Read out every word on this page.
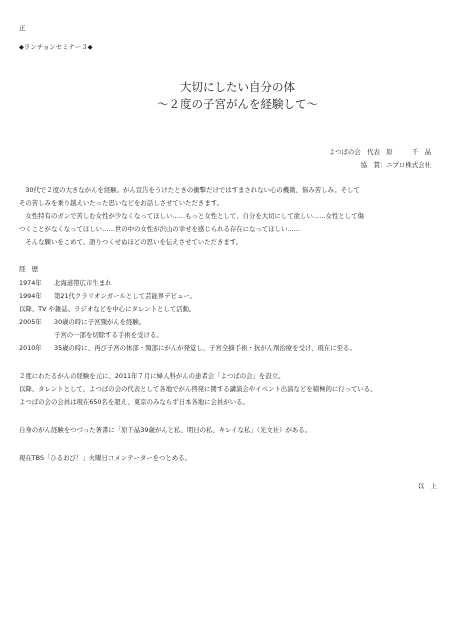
正
◆ランチョンセミナー３◆
大切にしたい自分の体
〜２度の子宮がんを経験して〜
よつばの会　代表　原　　　千　晶
協　賛：ニプロ株式会社
　30代で２度の大きながんを経験。がん宣告をうけたときの衝撃だけではすまされない心の機微、悩み苦しみ。そして
その苦しみを乗り越えいたった思いなどをお話しさせていただきます。
　女性特有のガンで苦しむ女性が少なくなってほしい……もっと女性として、自分を大切にして欲しい……女性として傷
つくことがなくなってほしい……世の中の女性が沢山の幸せを感じられる存在になってほしい……
　そんな願いをこめて、語りつくせぬほどの思いを伝えさせていただきます。
経　歴
1974年 北海道帯広市生まれ
1994年 第21代クラリオンガールとして芸能界デビュー。
以降、TV や雑誌、ラジオなどを中心にタレントとして活動。
2005年 30歳の時に子宮頸がんを経験。
子宮の一部を切除する手術を受ける。
2010年 35歳の時に、再び子宮の体部・頸部にがんが発覚し、子宮全摘手術・抗がん剤治療を受け、現在に至る。
２度にわたるがんの経験を元に、2011年７月に婦人科がんの患者会「よつばの会」を設立。
以降、タレントとして、よつばの会の代表として各地でがん啓発に関する講演会やイベント出演などを積極的に行っている。
よつばの会の会員は現在650名を超え、東京のみならず日本各地に会員がいる。
自身のがん経験をつづった著書に「原千晶39歳がんと私、明日の私、キレイな私」（光文社）がある。
現在TBS「ひるおび！」火曜日コメンテーターをつとめる。
以　上
